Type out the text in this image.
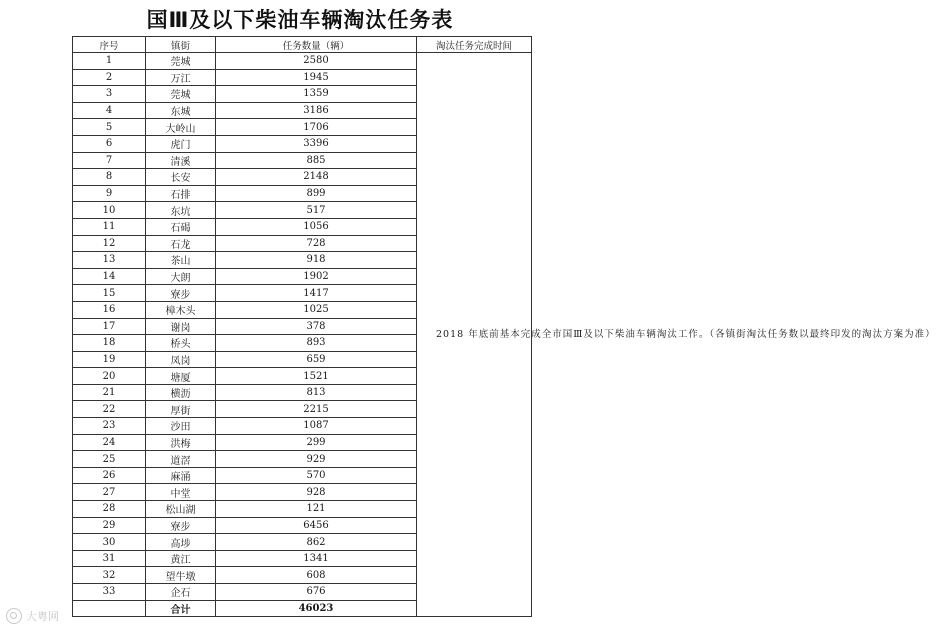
国Ⅲ及以下柴油车辆淘汰任务表
序号	镇街	任务数量（辆）	淘汰任务完成时间
1	莞城	2580	2018 年底前基本完成全市国Ⅲ及以下柴油车辆淘汰工作。（各镇街淘汰任务数以最终印发的淘汰方案为准）
2	万江	1945	
3	莞城	1359	
4	东城	3186	
5	大岭山	1706	
6	虎门	3396	
7	清溪	885	
8	长安	2148	
9	石排	899	
10	东坑	517	
11	石碣	1056	
12	石龙	728	
13	茶山	918	
14	大朗	1902	
15	寮步	1417	
16	樟木头	1025	
17	谢岗	378	
18	桥头	893	
19	凤岗	659	
20	塘厦	1521	
21	横沥	813	
22	厚街	2215	
23	沙田	1087	
24	洪梅	299	
25	道滘	929	
26	麻涌	570	
27	中堂	928	
28	松山湖	121	
29	寮步	6456	
30	高埗	862	
31	黄江	1341	
32	望牛墩	608	
33	企石	676	
	合计	46023	
大粤网
